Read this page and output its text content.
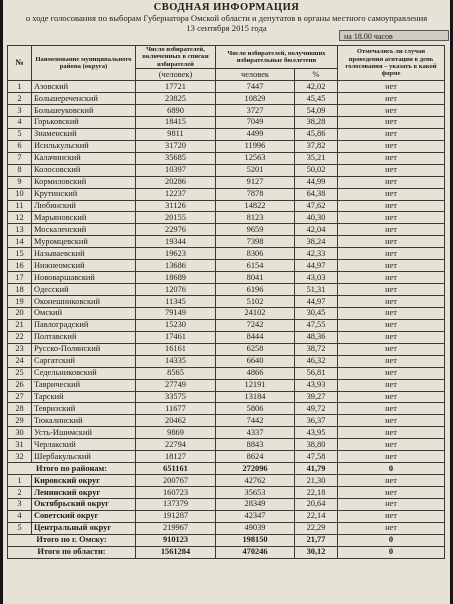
СВОДНАЯ ИНФОРМАЦИЯ
о ходе голосования по выборам Губернатора Омской области и депутатов в органы местного самоуправления
13 сентября 2015 года
на 18.00 часов
№	Наименование муниципального района (округа)	Число избирателей, включенных в списки избирателей	Число избирателей, получивших избирательные бюллетени		Отмечались ли случаи проведения агитации в день голосования – указать в какой форме
		(человек)	человек	%	
1	Азовский	17721	7447	42,02	нет
2	Большереченский	23825	10829	45,45	нет
3	Большеуковский	6890	3727	54,09	нет
4	Горьковский	18415	7049	38,28	нет
5	Знаменский	9811	4499	45,86	нет
6	Исилькульский	31720	11996	37,82	нет
7	Калачинский	35685	12563	35,21	нет
8	Колосовский	10397	5201	50,02	нет
9	Кормиловский	20286	9127	44,99	нет
10	Крутинский	12237	7878	64,38	нет
11	Любинский	31126	14822	47,62	нет
12	Марьяновский	20155	8123	40,30	нет
13	Москаленский	22976	9659	42,04	нет
14	Муромцевский	19344	7398	38,24	нет
15	Называевский	19623	8306	42,33	нет
16	Нижнеомский	13686	6154	44,97	нет
17	Нововаршавский	18689	8041	43,03	нет
18	Одесский	12076	6196	51,31	нет
19	Оконешниковский	11345	5102	44,97	нет
20	Омский	79149	24102	30,45	нет
21	Павлоградский	15230	7242	47,55	нет
22	Полтавский	17461	8444	48,36	нет
23	Русско-Полянский	16161	6258	38,72	нет
24	Саргатский	14335	6640	46,32	нет
25	Седельниковский	8565	4866	56,81	нет
26	Таврический	27749	12191	43,93	нет
27	Тарский	33575	13184	39,27	нет
28	Тевризский	11677	5806	49,72	нет
29	Тюкалинский	20462	7442	36,37	нет
30	Усть-Ишимский	9869	4337	43,95	нет
31	Черлакский	22794	8843	38,80	нет
32	Шербакульский	18127	8624	47,58	нет
Итого по районам:		651161	272096	41,79	0
1	Кировский округ	200767	42762	21,30	нет
2	Ленинский округ	160723	35653	22,18	нет
3	Октябрьский округ	137379	28349	20,64	нет
4	Советский округ	191287	42347	22,14	нет
5	Центральный округ	219967	49039	22,29	нет
Итого по г. Омску:		910123	198150	21,77	0
Итого по области:		1561284	470246	30,12	0
